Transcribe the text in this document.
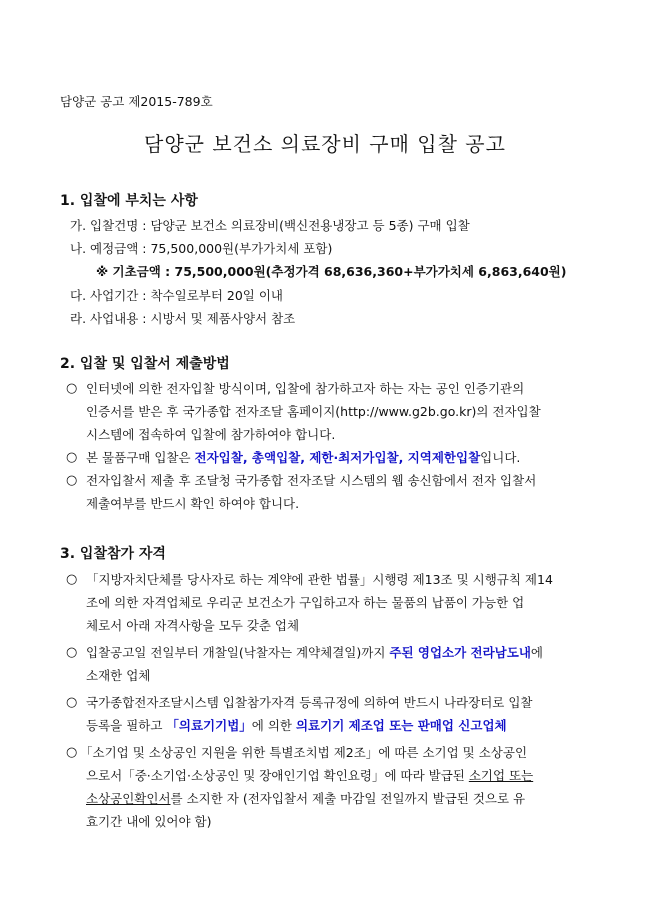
담양군 공고 제2015-789호
담양군 보건소 의료장비 구매 입찰 공고
1. 입찰에 부치는 사항
가. 입찰건명 : 담양군 보건소 의료장비(백신전용냉장고 등 5종) 구매 입찰
나. 예정금액 : 75,500,000원(부가가치세 포함)
※ 기초금액 : 75,500,000원(추정가격 68,636,360+부가가치세 6,863,640원)
다. 사업기간 : 착수일로부터 20일 이내
라. 사업내용 : 시방서 및 제품사양서 참조
2. 입찰 및 입찰서 제출방법
○ 인터넷에 의한 전자입찰 방식이며, 입찰에 참가하고자 하는 자는 공인 인증기관의
인증서를 받은 후 국가종합 전자조달 홈페이지(http://www.g2b.go.kr)의 전자입찰
시스템에 접속하여 입찰에 참가하여야 합니다.
○ 본 물품구매 입찰은 전자입찰, 총액입찰, 제한·최저가입찰, 지역제한입찰입니다.
○ 전자입찰서 제출 후 조달청 국가종합 전자조달 시스템의 웹 송신함에서 전자 입찰서
제출여부를 반드시 확인 하여야 합니다.
3. 입찰참가 자격
○ 「지방자치단체를 당사자로 하는 계약에 관한 법률」시행령 제13조 및 시행규칙 제14
조에 의한 자격업체로 우리군 보건소가 구입하고자 하는 물품의 납품이 가능한 업
체로서 아래 자격사항을 모두 갖춘 업체
○ 입찰공고일 전일부터 개찰일(낙찰자는 계약체결일)까지 주된 영업소가 전라남도내에
소재한 업체
○ 국가종합전자조달시스템 입찰참가자격 등록규정에 의하여 반드시 나라장터로 입찰
등록을 필하고 「의료기기법」에 의한 의료기기 제조업 또는 판매업 신고업체
○ 「소기업 및 소상공인 지원을 위한 특별조치법 제2조」에 따른 소기업 및 소상공인
으로서「중·소기업·소상공인 및 장애인기업 확인요령」에 따라 발급된 소기업 또는
소상공인확인서를 소지한 자 (전자입찰서 제출 마감일 전일까지 발급된 것으로 유
효기간 내에 있어야 함)
